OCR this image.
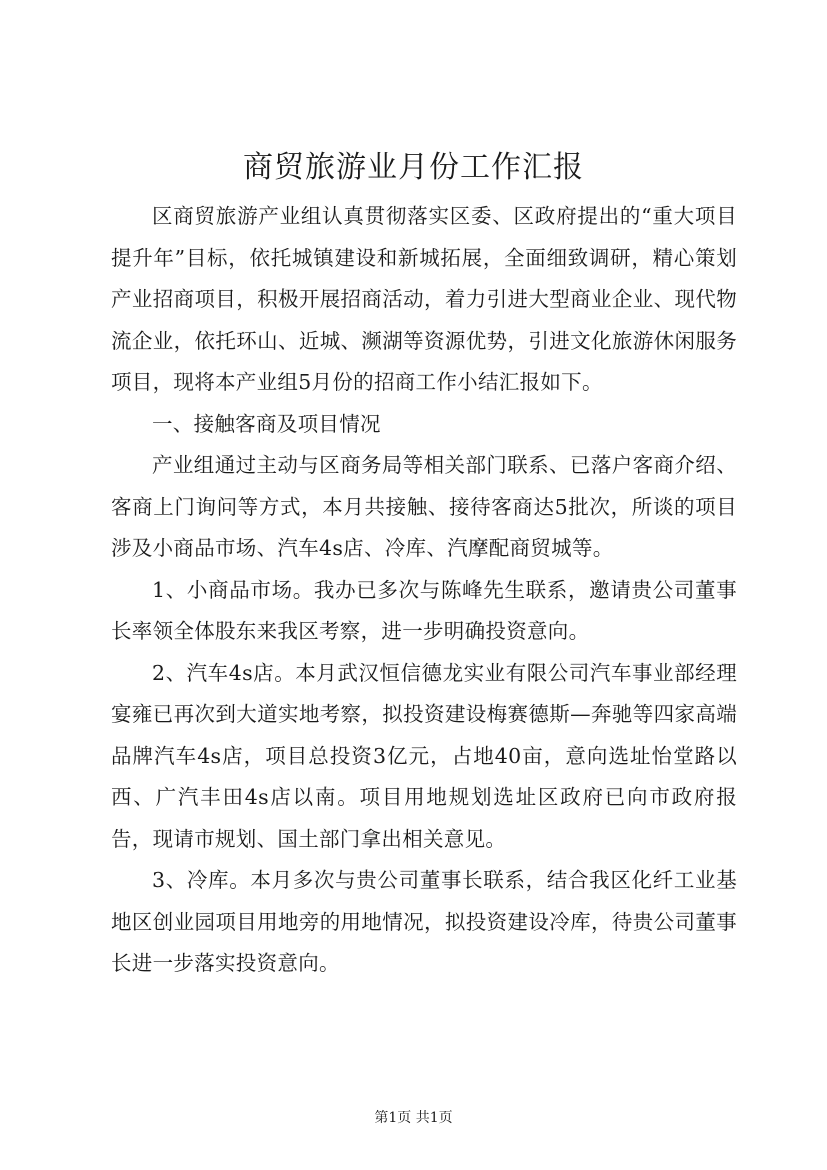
商贸旅游业月份工作汇报

区商贸旅游产业组认真贯彻落实区委、区政府提出的“重大项目提升年”目标，依托城镇建设和新城拓展，全面细致调研，精心策划产业招商项目，积极开展招商活动，着力引进大型商业企业、现代物流企业，依托环山、近城、濒湖等资源优势，引进文化旅游休闲服务项目，现将本产业组5月份的招商工作小结汇报如下。

一、接触客商及项目情况

产业组通过主动与区商务局等相关部门联系、已落户客商介绍、客商上门询问等方式，本月共接触、接待客商达5批次，所谈的项目涉及小商品市场、汽车4s店、冷库、汽摩配商贸城等。

1、小商品市场。我办已多次与陈峰先生联系，邀请贵公司董事长率领全体股东来我区考察，进一步明确投资意向。

2、汽车4s店。本月武汉恒信德龙实业有限公司汽车事业部经理宴雍已再次到大道实地考察，拟投资建设梅赛德斯—奔驰等四家高端品牌汽车4s店，项目总投资3亿元，占地40亩，意向选址怡堂路以西、广汽丰田4s店以南。项目用地规划选址区政府已向市政府报告，现请市规划、国土部门拿出相关意见。

3、冷库。本月多次与贵公司董事长联系，结合我区化纤工业基地区创业园项目用地旁的用地情况，拟投资建设冷库，待贵公司董事长进一步落实投资意向。

第1页 共1页
